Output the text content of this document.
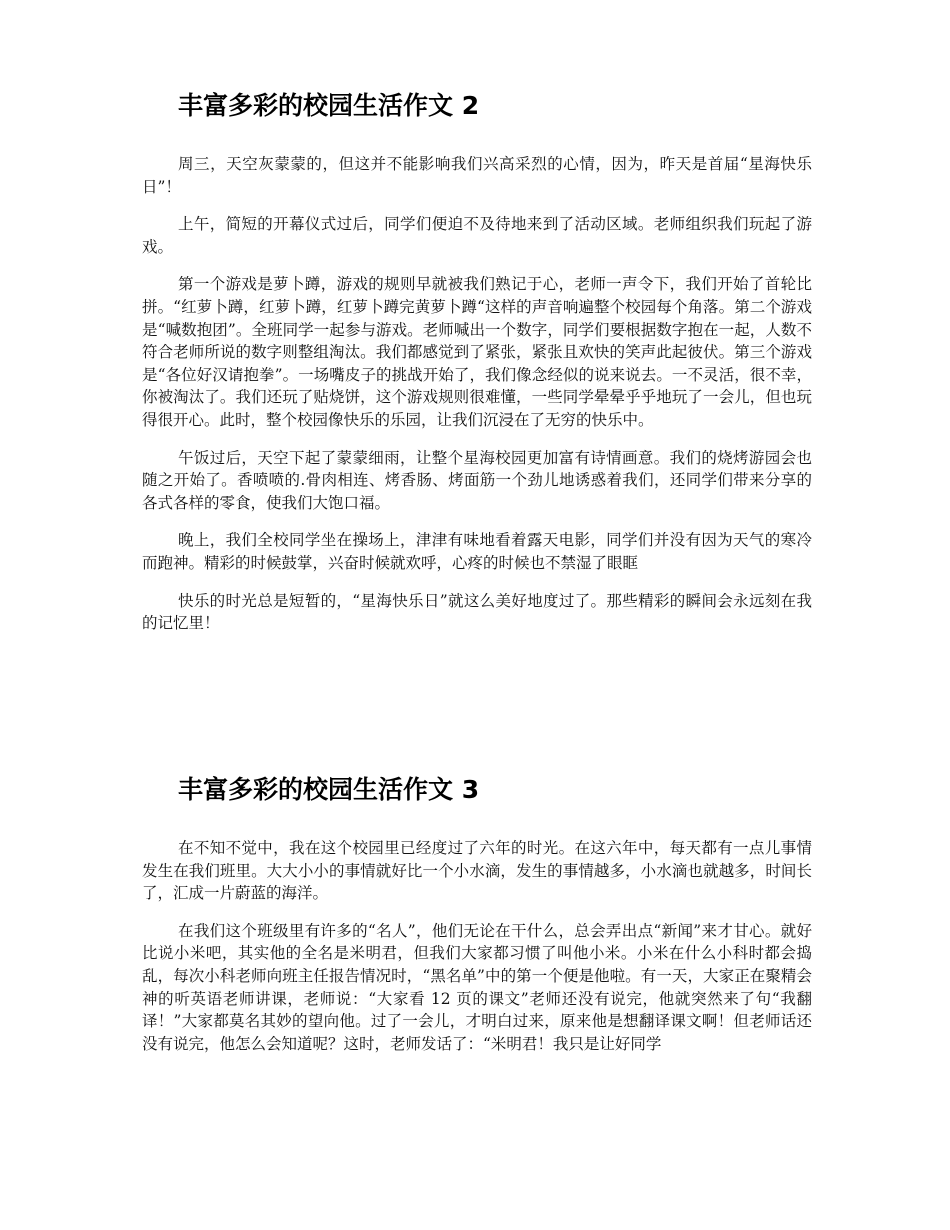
丰富多彩的校园生活作文 2

周三，天空灰蒙蒙的，但这并不能影响我们兴高采烈的心情，因为，昨天是首届“星海快乐日”！

上午，简短的开幕仪式过后，同学们便迫不及待地来到了活动区域。老师组织我们玩起了游戏。

第一个游戏是萝卜蹲，游戏的规则早就被我们熟记于心，老师一声令下，我们开始了首轮比拼。“红萝卜蹲，红萝卜蹲，红萝卜蹲完黄萝卜蹲“这样的声音响遍整个校园每个角落。第二个游戏是“喊数抱团”。全班同学一起参与游戏。老师喊出一个数字，同学们要根据数字抱在一起，人数不符合老师所说的数字则整组淘汰。我们都感觉到了紧张，紧张且欢快的笑声此起彼伏。第三个游戏是“各位好汉请抱拳”。一场嘴皮子的挑战开始了，我们像念经似的说来说去。一不灵活，很不幸，你被淘汰了。我们还玩了贴烧饼，这个游戏规则很难懂，一些同学晕晕乎乎地玩了一会儿，但也玩得很开心。此时，整个校园像快乐的乐园，让我们沉浸在了无穷的快乐中。

午饭过后，天空下起了蒙蒙细雨，让整个星海校园更加富有诗情画意。我们的烧烤游园会也随之开始了。香喷喷的.骨肉相连、烤香肠、烤面筋一个劲儿地诱惑着我们，还同学们带来分享的各式各样的零食，使我们大饱口福。

晚上，我们全校同学坐在操场上，津津有味地看着露天电影，同学们并没有因为天气的寒冷而跑神。精彩的时候鼓掌，兴奋时候就欢呼，心疼的时候也不禁湿了眼眶

快乐的时光总是短暂的，“星海快乐日”就这么美好地度过了。那些精彩的瞬间会永远刻在我的记忆里！

丰富多彩的校园生活作文 3

在不知不觉中，我在这个校园里已经度过了六年的时光。在这六年中，每天都有一点儿事情发生在我们班里。大大小小的事情就好比一个小水滴，发生的事情越多，小水滴也就越多，时间长了，汇成一片蔚蓝的海洋。

在我们这个班级里有许多的“名人”，他们无论在干什么，总会弄出点“新闻”来才甘心。就好比说小米吧，其实他的全名是米明君，但我们大家都习惯了叫他小米。小米在什么小科时都会捣乱，每次小科老师向班主任报告情况时，“黑名单”中的第一个便是他啦。有一天，大家正在聚精会神的听英语老师讲课，老师说：“大家看 12 页的课文”老师还没有说完，他就突然来了句“我翻译！”大家都莫名其妙的望向他。过了一会儿，才明白过来，原来他是想翻译课文啊！但老师话还没有说完，他怎么会知道呢？这时，老师发话了：“米明君！我只是让好同学
